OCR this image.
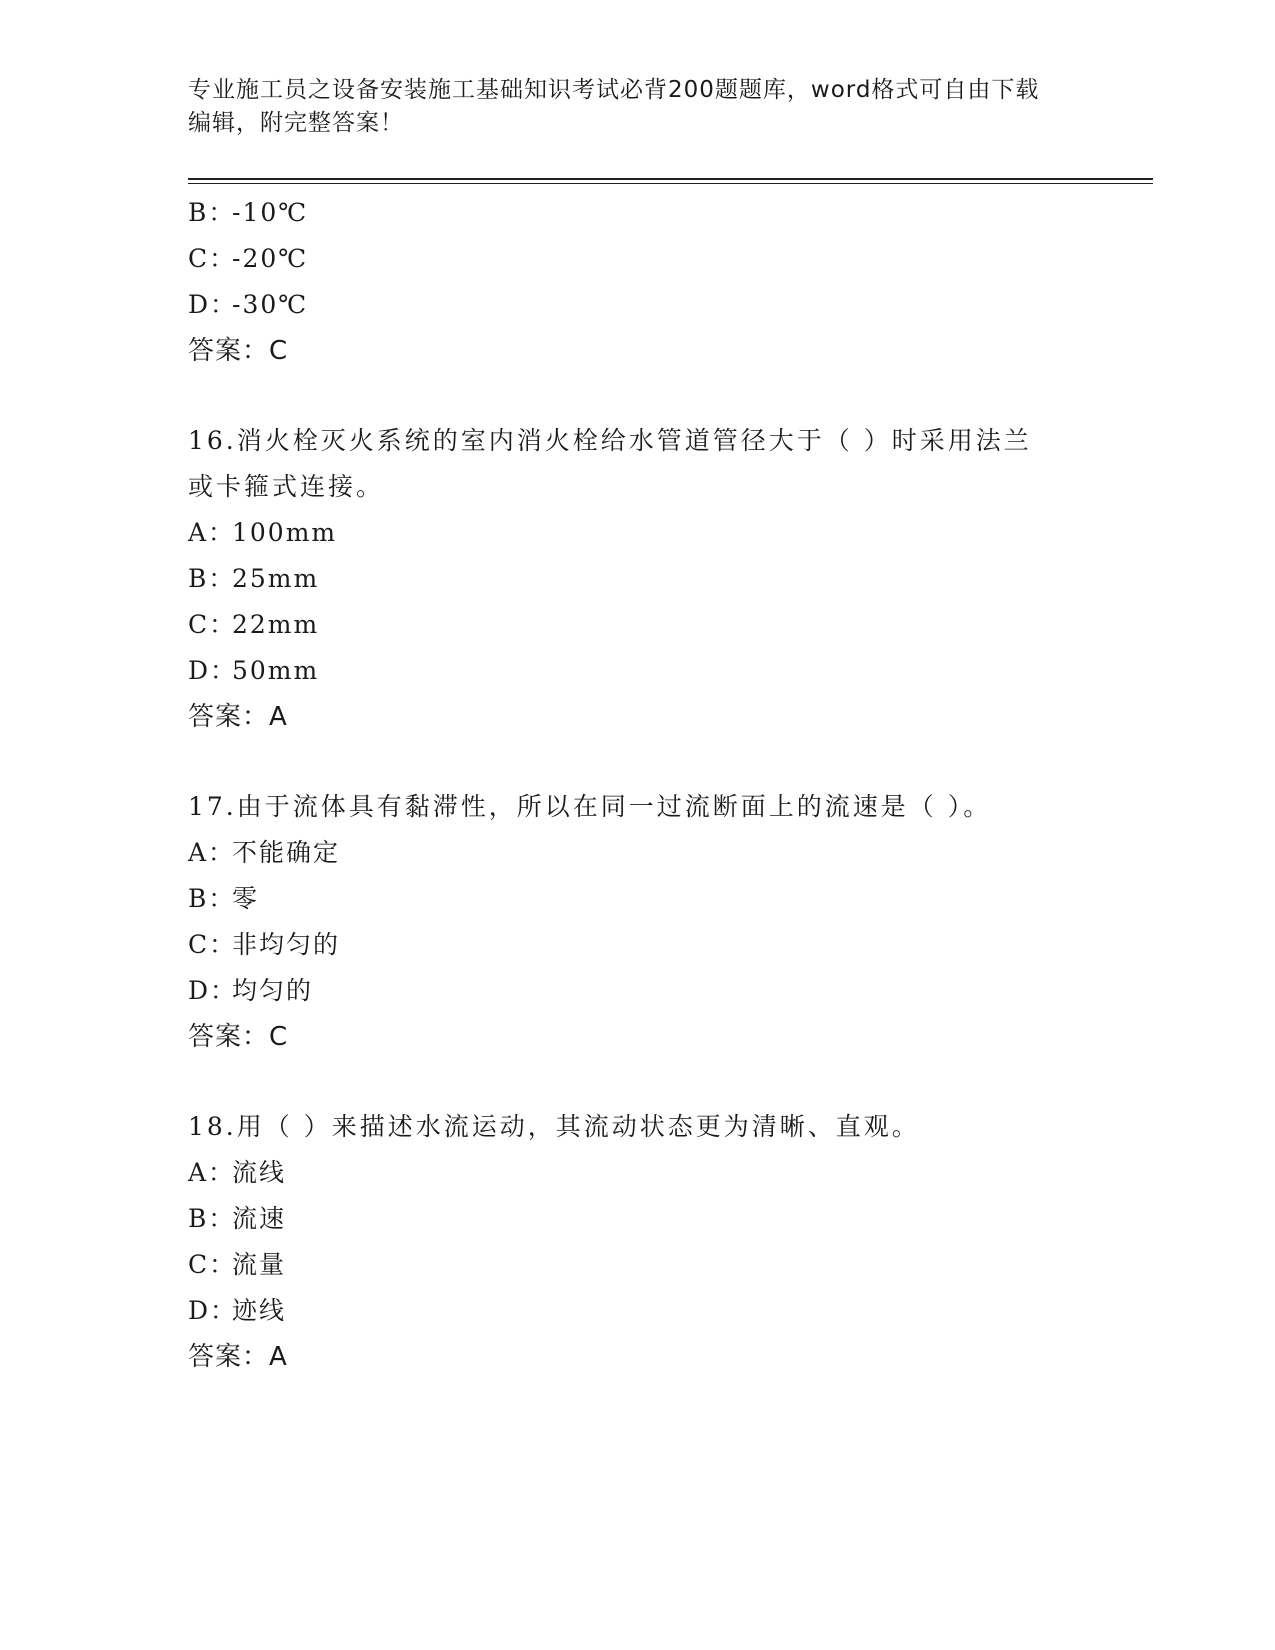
专业施工员之设备安装施工基础知识考试必背200题题库，word格式可自由下载
编辑，附完整答案！
B：-10℃
C：-20℃
D：-30℃
答案：C
16.消火栓灭火系统的室内消火栓给水管道管径大于（ ）时采用法兰
或卡箍式连接。
A：100mm
B：25mm
C：22mm
D：50mm
答案：A
17.由于流体具有黏滞性，所以在同一过流断面上的流速是（ ）。
A：不能确定
B：零
C：非均匀的
D：均匀的
答案：C
18.用（ ）来描述水流运动，其流动状态更为清晰、直观。
A：流线
B：流速
C：流量
D：迹线
答案：A
